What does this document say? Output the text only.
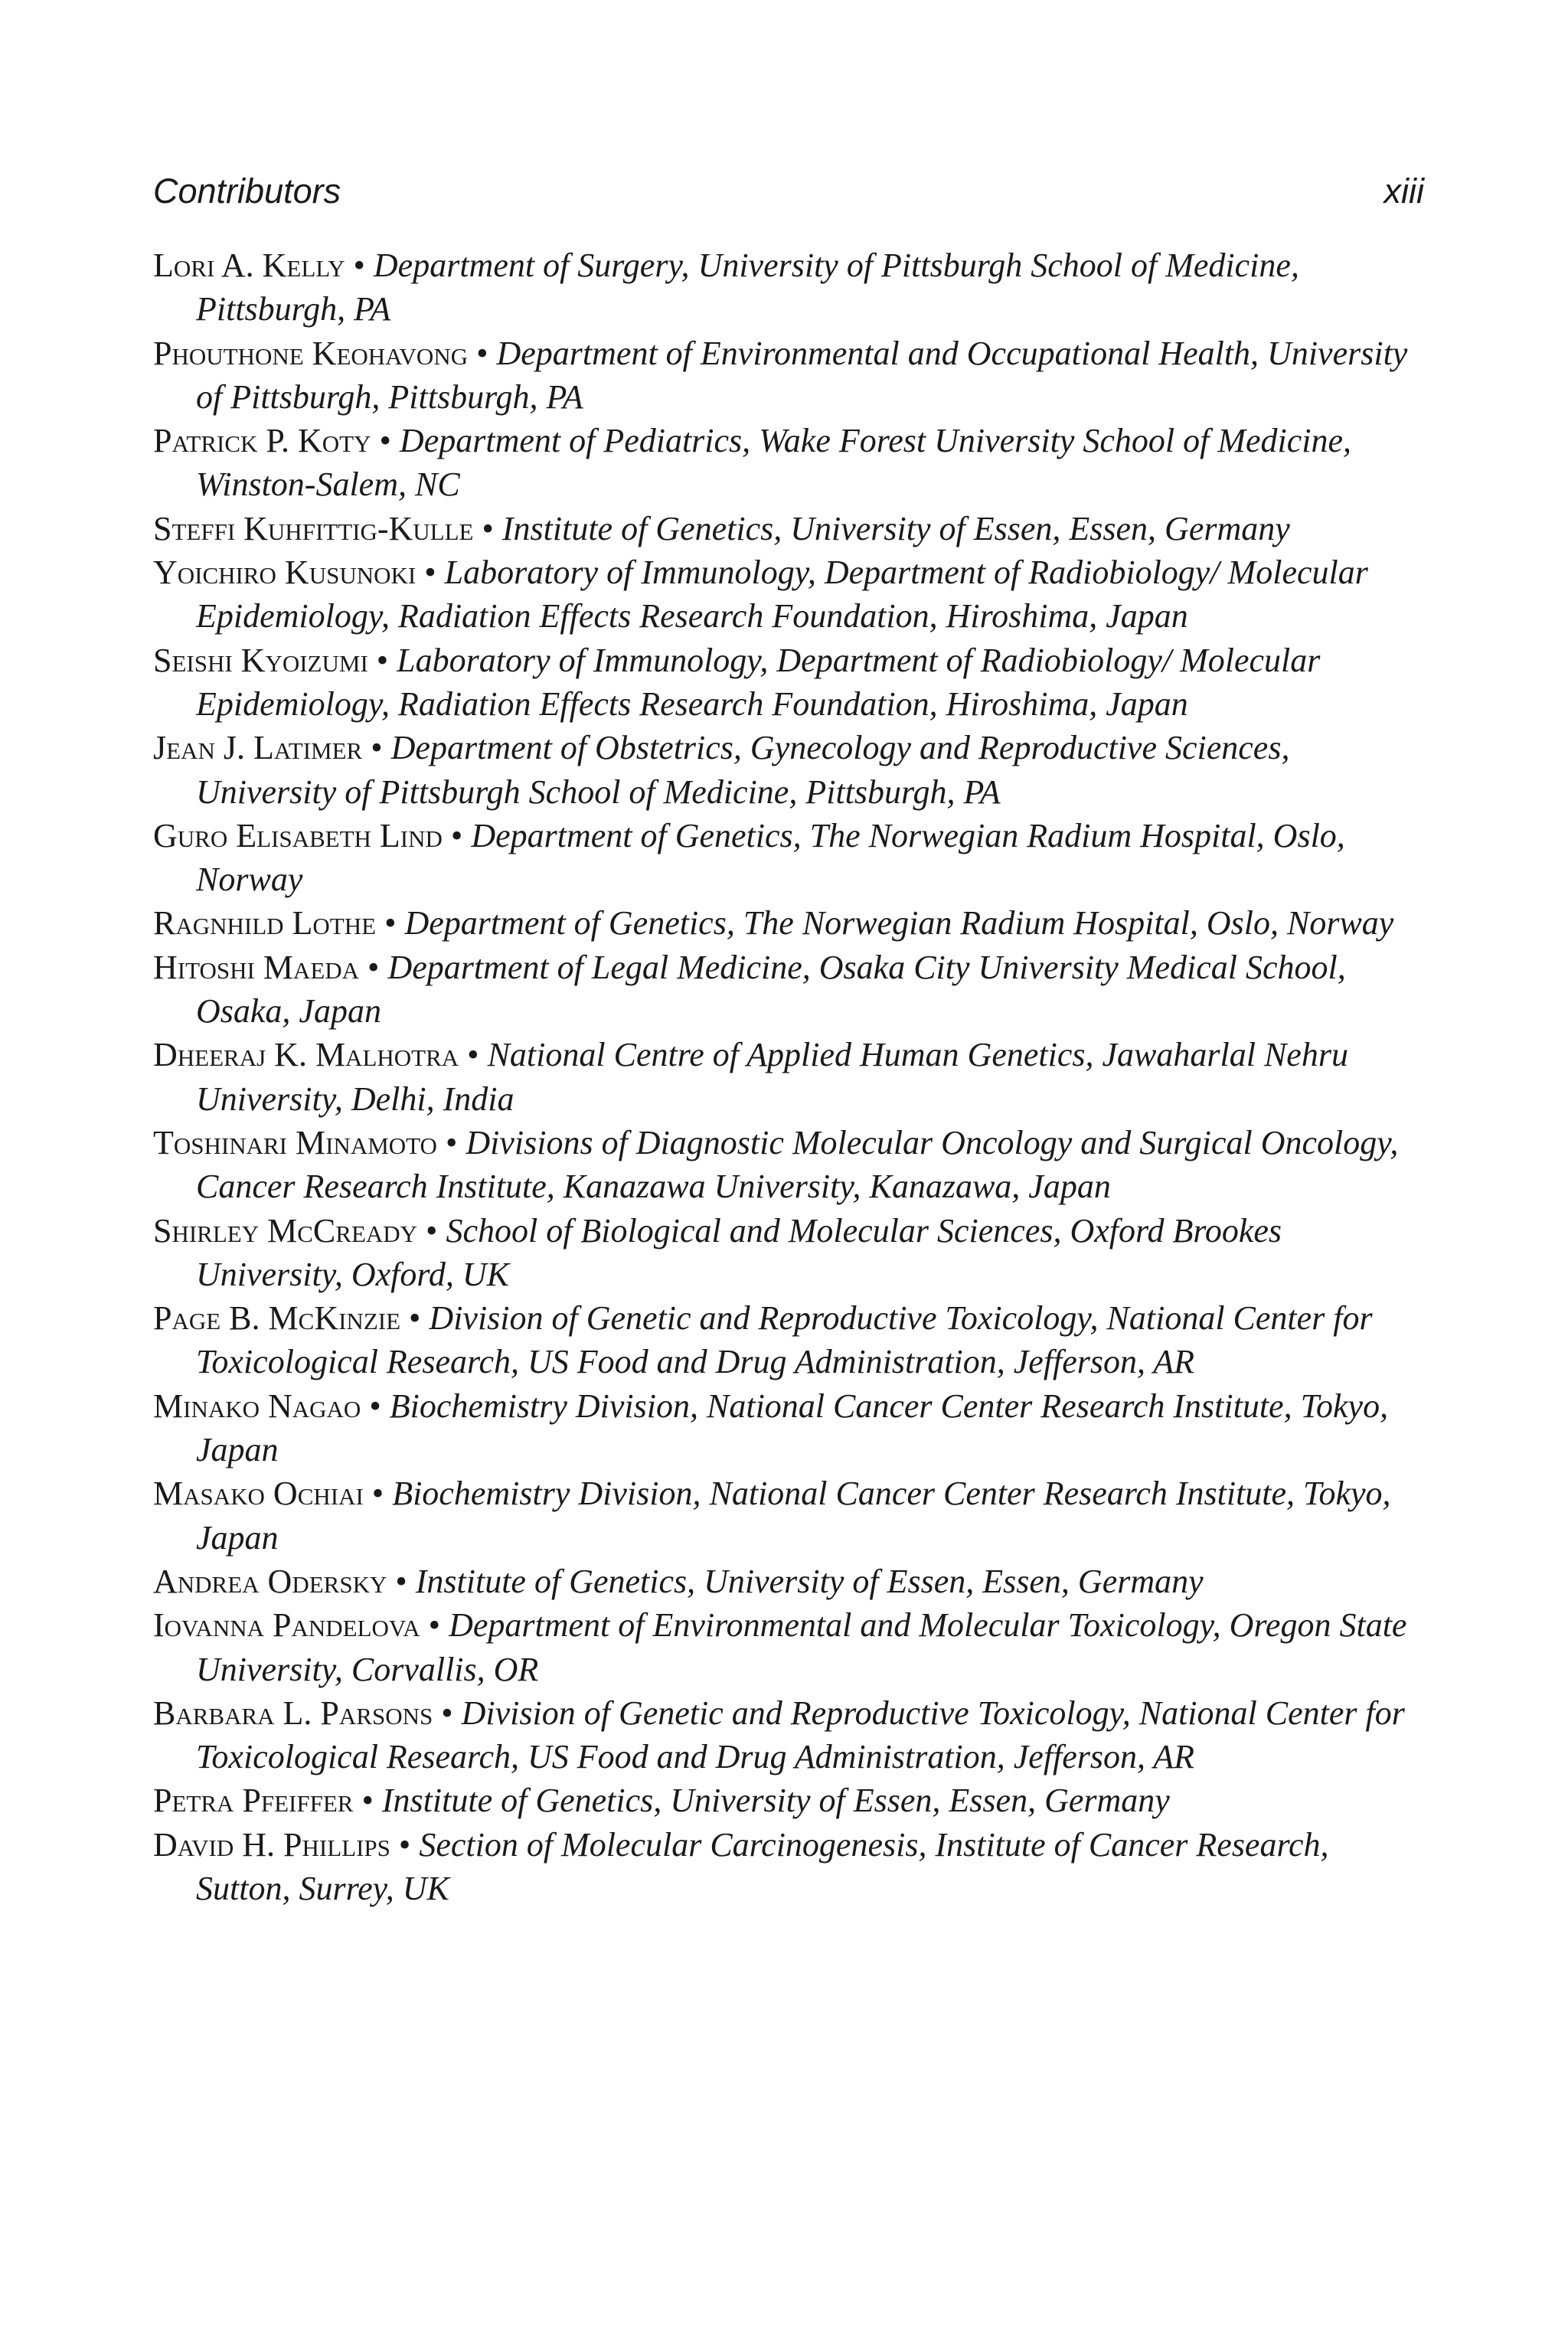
Contributors	xiii
Lori A. Kelly • Department of Surgery, University of Pittsburgh School of Medicine, Pittsburgh, PA
Phouthone Keohavong • Department of Environmental and Occupational Health, University of Pittsburgh, Pittsburgh, PA
Patrick P. Koty • Department of Pediatrics, Wake Forest University School of Medicine, Winston-Salem, NC
Steffi Kuhfittig-Kulle • Institute of Genetics, University of Essen, Essen, Germany
Yoichiro Kusunoki • Laboratory of Immunology, Department of Radiobiology/ Molecular Epidemiology, Radiation Effects Research Foundation, Hiroshima, Japan
Seishi Kyoizumi • Laboratory of Immunology, Department of Radiobiology/ Molecular Epidemiology, Radiation Effects Research Foundation, Hiroshima, Japan
Jean J. Latimer • Department of Obstetrics, Gynecology and Reproductive Sciences, University of Pittsburgh School of Medicine, Pittsburgh, PA
Guro Elisabeth Lind • Department of Genetics, The Norwegian Radium Hospital, Oslo, Norway
Ragnhild Lothe • Department of Genetics, The Norwegian Radium Hospital, Oslo, Norway
Hitoshi Maeda • Department of Legal Medicine, Osaka City University Medical School, Osaka, Japan
Dheeraj K. Malhotra • National Centre of Applied Human Genetics, Jawaharlal Nehru University, Delhi, India
Toshinari Minamoto • Divisions of Diagnostic Molecular Oncology and Surgical Oncology, Cancer Research Institute, Kanazawa University, Kanazawa, Japan
Shirley McCready • School of Biological and Molecular Sciences, Oxford Brookes University, Oxford, UK
Page B. McKinzie • Division of Genetic and Reproductive Toxicology, National Center for Toxicological Research, US Food and Drug Administration, Jefferson, AR
Minako Nagao • Biochemistry Division, National Cancer Center Research Institute, Tokyo, Japan
Masako Ochiai • Biochemistry Division, National Cancer Center Research Institute, Tokyo, Japan
Andrea Odersky • Institute of Genetics, University of Essen, Essen, Germany
Iovanna Pandelova • Department of Environmental and Molecular Toxicology, Oregon State University, Corvallis, OR
Barbara L. Parsons • Division of Genetic and Reproductive Toxicology, National Center for Toxicological Research, US Food and Drug Administration, Jefferson, AR
Petra Pfeiffer • Institute of Genetics, University of Essen, Essen, Germany
David H. Phillips • Section of Molecular Carcinogenesis, Institute of Cancer Research, Sutton, Surrey, UK
